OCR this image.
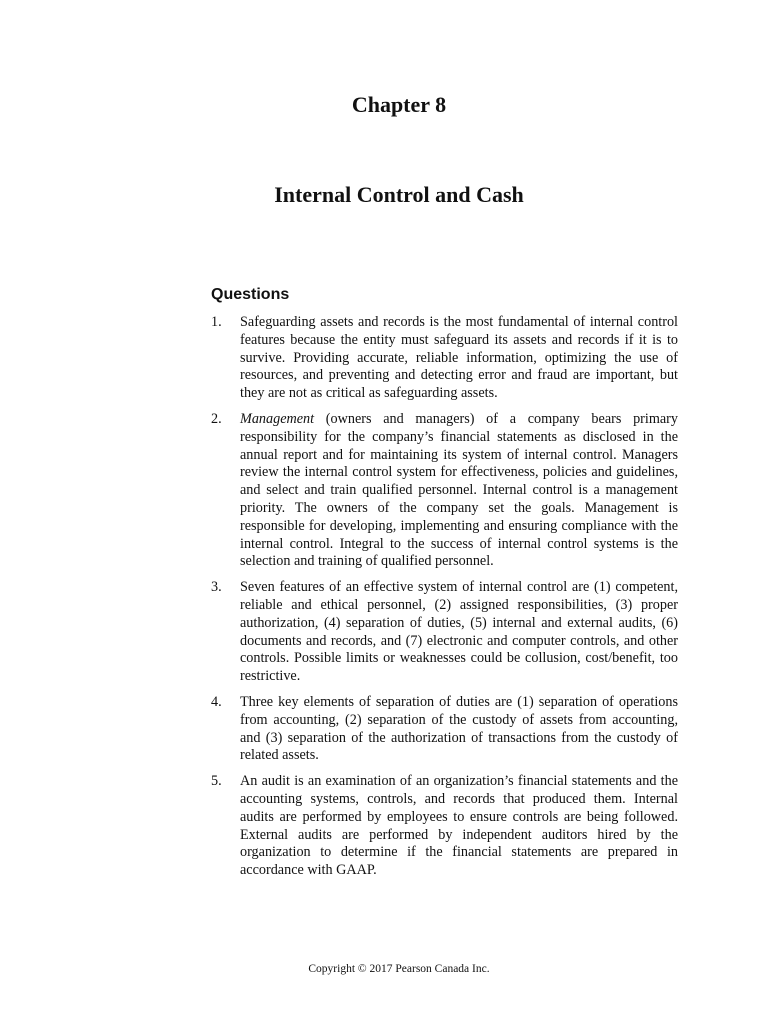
Chapter 8
Internal Control and Cash
Questions
1.	Safeguarding assets and records is the most fundamental of internal control features because the entity must safeguard its assets and records if it is to survive. Providing accurate, reliable information, optimizing the use of resources, and preventing and detecting error and fraud are important, but they are not as critical as safeguarding assets.

2.	Management (owners and managers) of a company bears primary responsibility for the company’s financial statements as disclosed in the annual report and for maintaining its system of internal control. Managers review the internal control system for effectiveness, policies and guidelines, and select and train qualified personnel. Internal control is a management priority. The owners of the company set the goals. Management is responsible for developing, implementing and ensuring compliance with the internal control. Integral to the success of internal control systems is the selection and training of qualified personnel.

3.	Seven features of an effective system of internal control are (1) competent, reliable and ethical personnel, (2) assigned responsibilities, (3) proper authorization, (4) separation of duties, (5) internal and external audits, (6) documents and records, and (7) electronic and computer controls, and other controls. Possible limits or weaknesses could be collusion, cost/benefit, too restrictive.

4.	Three key elements of separation of duties are (1) separation of operations from accounting, (2) separation of the custody of assets from accounting, and (3) separation of the authorization of transactions from the custody of related assets.

5.	An audit is an examination of an organization’s financial statements and the accounting systems, controls, and records that produced them. Internal audits are performed by employees to ensure controls are being followed. External audits are performed by independent auditors hired by the organization to determine if the financial statements are prepared in accordance with GAAP.

Copyright © 2017 Pearson Canada Inc.
